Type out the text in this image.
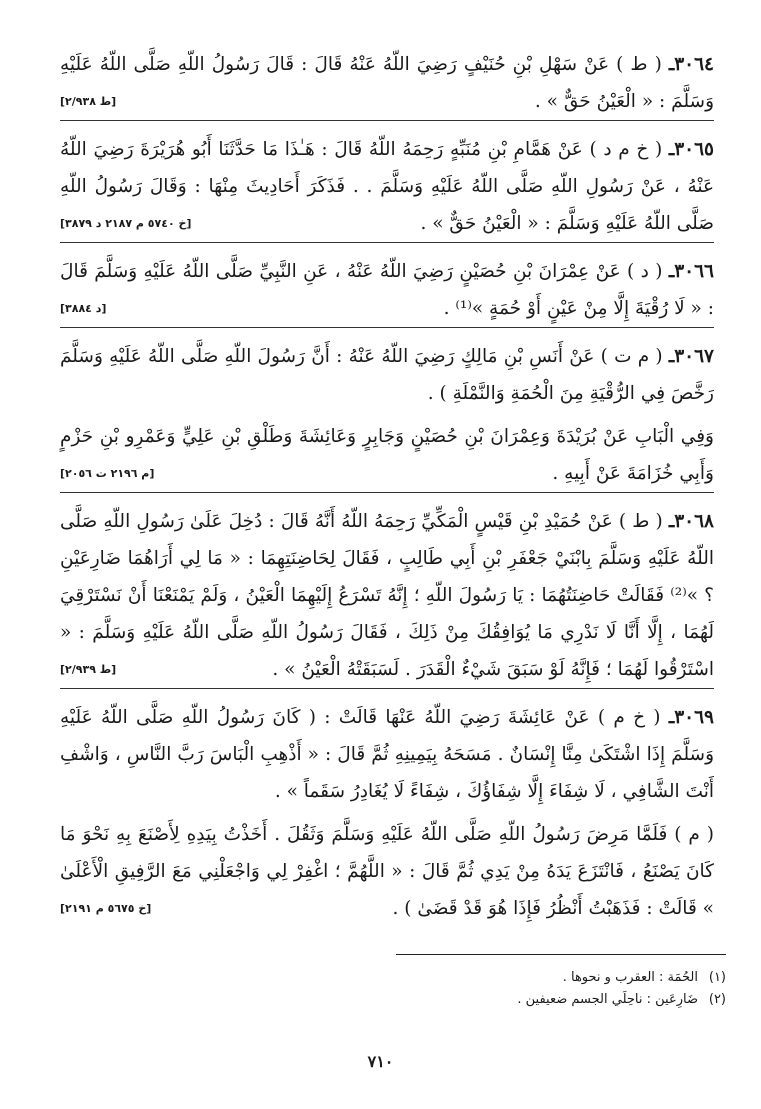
٣٠٦٤ـ ( ط ) عَنْ سَهْلِ بْنِ حُنَيْفٍ رَضِيَ اللّهُ عَنْهُ قَالَ : قَالَ رَسُولُ اللّهِ صَلَّى اللّهُ عَلَيْهِ وَسَلَّمَ : « الْعَيْنُ حَقٌّ » .
[ط ٢/٩٣٨]
٣٠٦٥ـ ( خ م د ) عَنْ هَمَّامِ بْنِ مُنَبِّهٍ رَحِمَهُ اللّهُ قَالَ : هَـٰذَا مَا حَدَّثَنَا أَبُو هُرَيْرَةَ رَضِيَ اللّهُ عَنْهُ ، عَنْ رَسُولِ اللّهِ صَلَّى اللّهُ عَلَيْهِ وَسَلَّمَ . . فَذَكَرَ أَحَادِيثَ مِنْهَا : وَقَالَ رَسُولُ اللّهِ صَلَّى اللّهُ عَلَيْهِ وَسَلَّمَ : « الْعَيْنُ حَقٌّ » .
[خ ٥٧٤٠ م ٢١٨٧ د ٣٨٧٩]
٣٠٦٦ـ ( د ) عَنْ عِمْرَانَ بْنِ حُصَيْنٍ رَضِيَ اللّهُ عَنْهُ ، عَنِ النَّبِيِّ صَلَّى اللّهُ عَلَيْهِ وَسَلَّمَ قَالَ : « لَا رُقْيَةَ إِلَّا مِنْ عَيْنٍ أَوْ حُمَةٍ »⁽¹⁾ .
[د ٣٨٨٤]
٣٠٦٧ـ ( م ت ) عَنْ أَنَسِ بْنِ مَالِكٍ رَضِيَ اللّهُ عَنْهُ : أَنَّ رَسُولَ اللّهِ صَلَّى اللّهُ عَلَيْهِ وَسَلَّمَ رَخَّصَ فِي الرُّقْيَةِ مِنَ الْحُمَةِ وَالنَّمْلَةِ ) .
وَفِي الْبَابِ عَنْ بُرَيْدَةَ وَعِمْرَانَ بْنِ حُصَيْنٍ وَجَابِرٍ وَعَائِشَةَ وَطَلْقِ بْنِ عَلِيٍّ وَعَمْرِو بْنِ حَزْمٍ وَأَبِي خُزَامَةَ عَنْ أَبِيهِ .
[م ٢١٩٦ ت ٢٠٥٦]
٣٠٦٨ـ ( ط ) عَنْ حُمَيْدِ بْنِ قَيْسٍ الْمَكِّيِّ رَحِمَهُ اللّهُ أَنَّهُ قَالَ : دُخِلَ عَلَىٰ رَسُولِ اللّهِ صَلَّى اللّهُ عَلَيْهِ وَسَلَّمَ بِابْنَيْ جَعْفَرِ بْنِ أَبِي طَالِبٍ ، فَقَالَ لِحَاضِنَتِهِمَا : « مَا لِي أَرَاهُمَا ضَارِعَيْنِ ؟ »⁽²⁾ فَقَالَتْ حَاضِنَتُهُمَا : يَا رَسُولَ اللّهِ ؛ إِنَّهُ تَسْرَعُ إِلَيْهِمَا الْعَيْنُ ، وَلَمْ يَمْنَعْنَا أَنْ نَسْتَرْقِيَ لَهُمَا ، إِلَّا أَنَّا لَا نَدْرِي مَا يُوَافِقُكَ مِنْ ذَلِكَ ، فَقَالَ رَسُولُ اللّهِ صَلَّى اللّهُ عَلَيْهِ وَسَلَّمَ : « اسْتَرْقُوا لَهُمَا ؛ فَإِنَّهُ لَوْ سَبَقَ شَيْءٌ الْقَدَرَ . لَسَبَقَتْهُ الْعَيْنُ » .
[ط ٢/٩٣٩]
٣٠٦٩ـ ( خ م ) عَنْ عَائِشَةَ رَضِيَ اللّهُ عَنْهَا قَالَتْ : ( كَانَ رَسُولُ اللّهِ صَلَّى اللّهُ عَلَيْهِ وَسَلَّمَ إِذَا اشْتَكَىٰ مِنَّا إِنْسَانٌ . مَسَحَهُ بِيَمِينِهِ ثُمَّ قَالَ : « أَذْهِبِ الْبَاسَ رَبَّ النَّاسِ ، وَاشْفِ أَنْتَ الشَّافِي ، لَا شِفَاءَ إِلَّا شِفَاؤُكَ ، شِفَاءً لَا يُغَادِرُ سَقَماً » .
( م ) فَلَمَّا مَرِضَ رَسُولُ اللّهِ صَلَّى اللّهُ عَلَيْهِ وَسَلَّمَ وَثَقُلَ . أَخَذْتُ بِيَدِهِ لِأَصْنَعَ بِهِ نَحْوَ مَا كَانَ يَصْنَعُ ، فَانْتَزَعَ يَدَهُ مِنْ يَدِي ثُمَّ قَالَ : « اللَّهُمَّ ؛ اغْفِرْ لِي وَاجْعَلْنِي مَعَ الرَّفِيقِ الْأَعْلَىٰ » قَالَتْ : فَذَهَبْتُ أَنْظُرُ فَإِذَا هُوَ قَدْ قَضَىٰ ) .
[خ ٥٦٧٥ م ٢١٩١]
(١)الحُمَة : العقرب و نحوها .
(٢)ضَارِعَين : ناحِلَي الجسم ضعيفين .
٧١٠
